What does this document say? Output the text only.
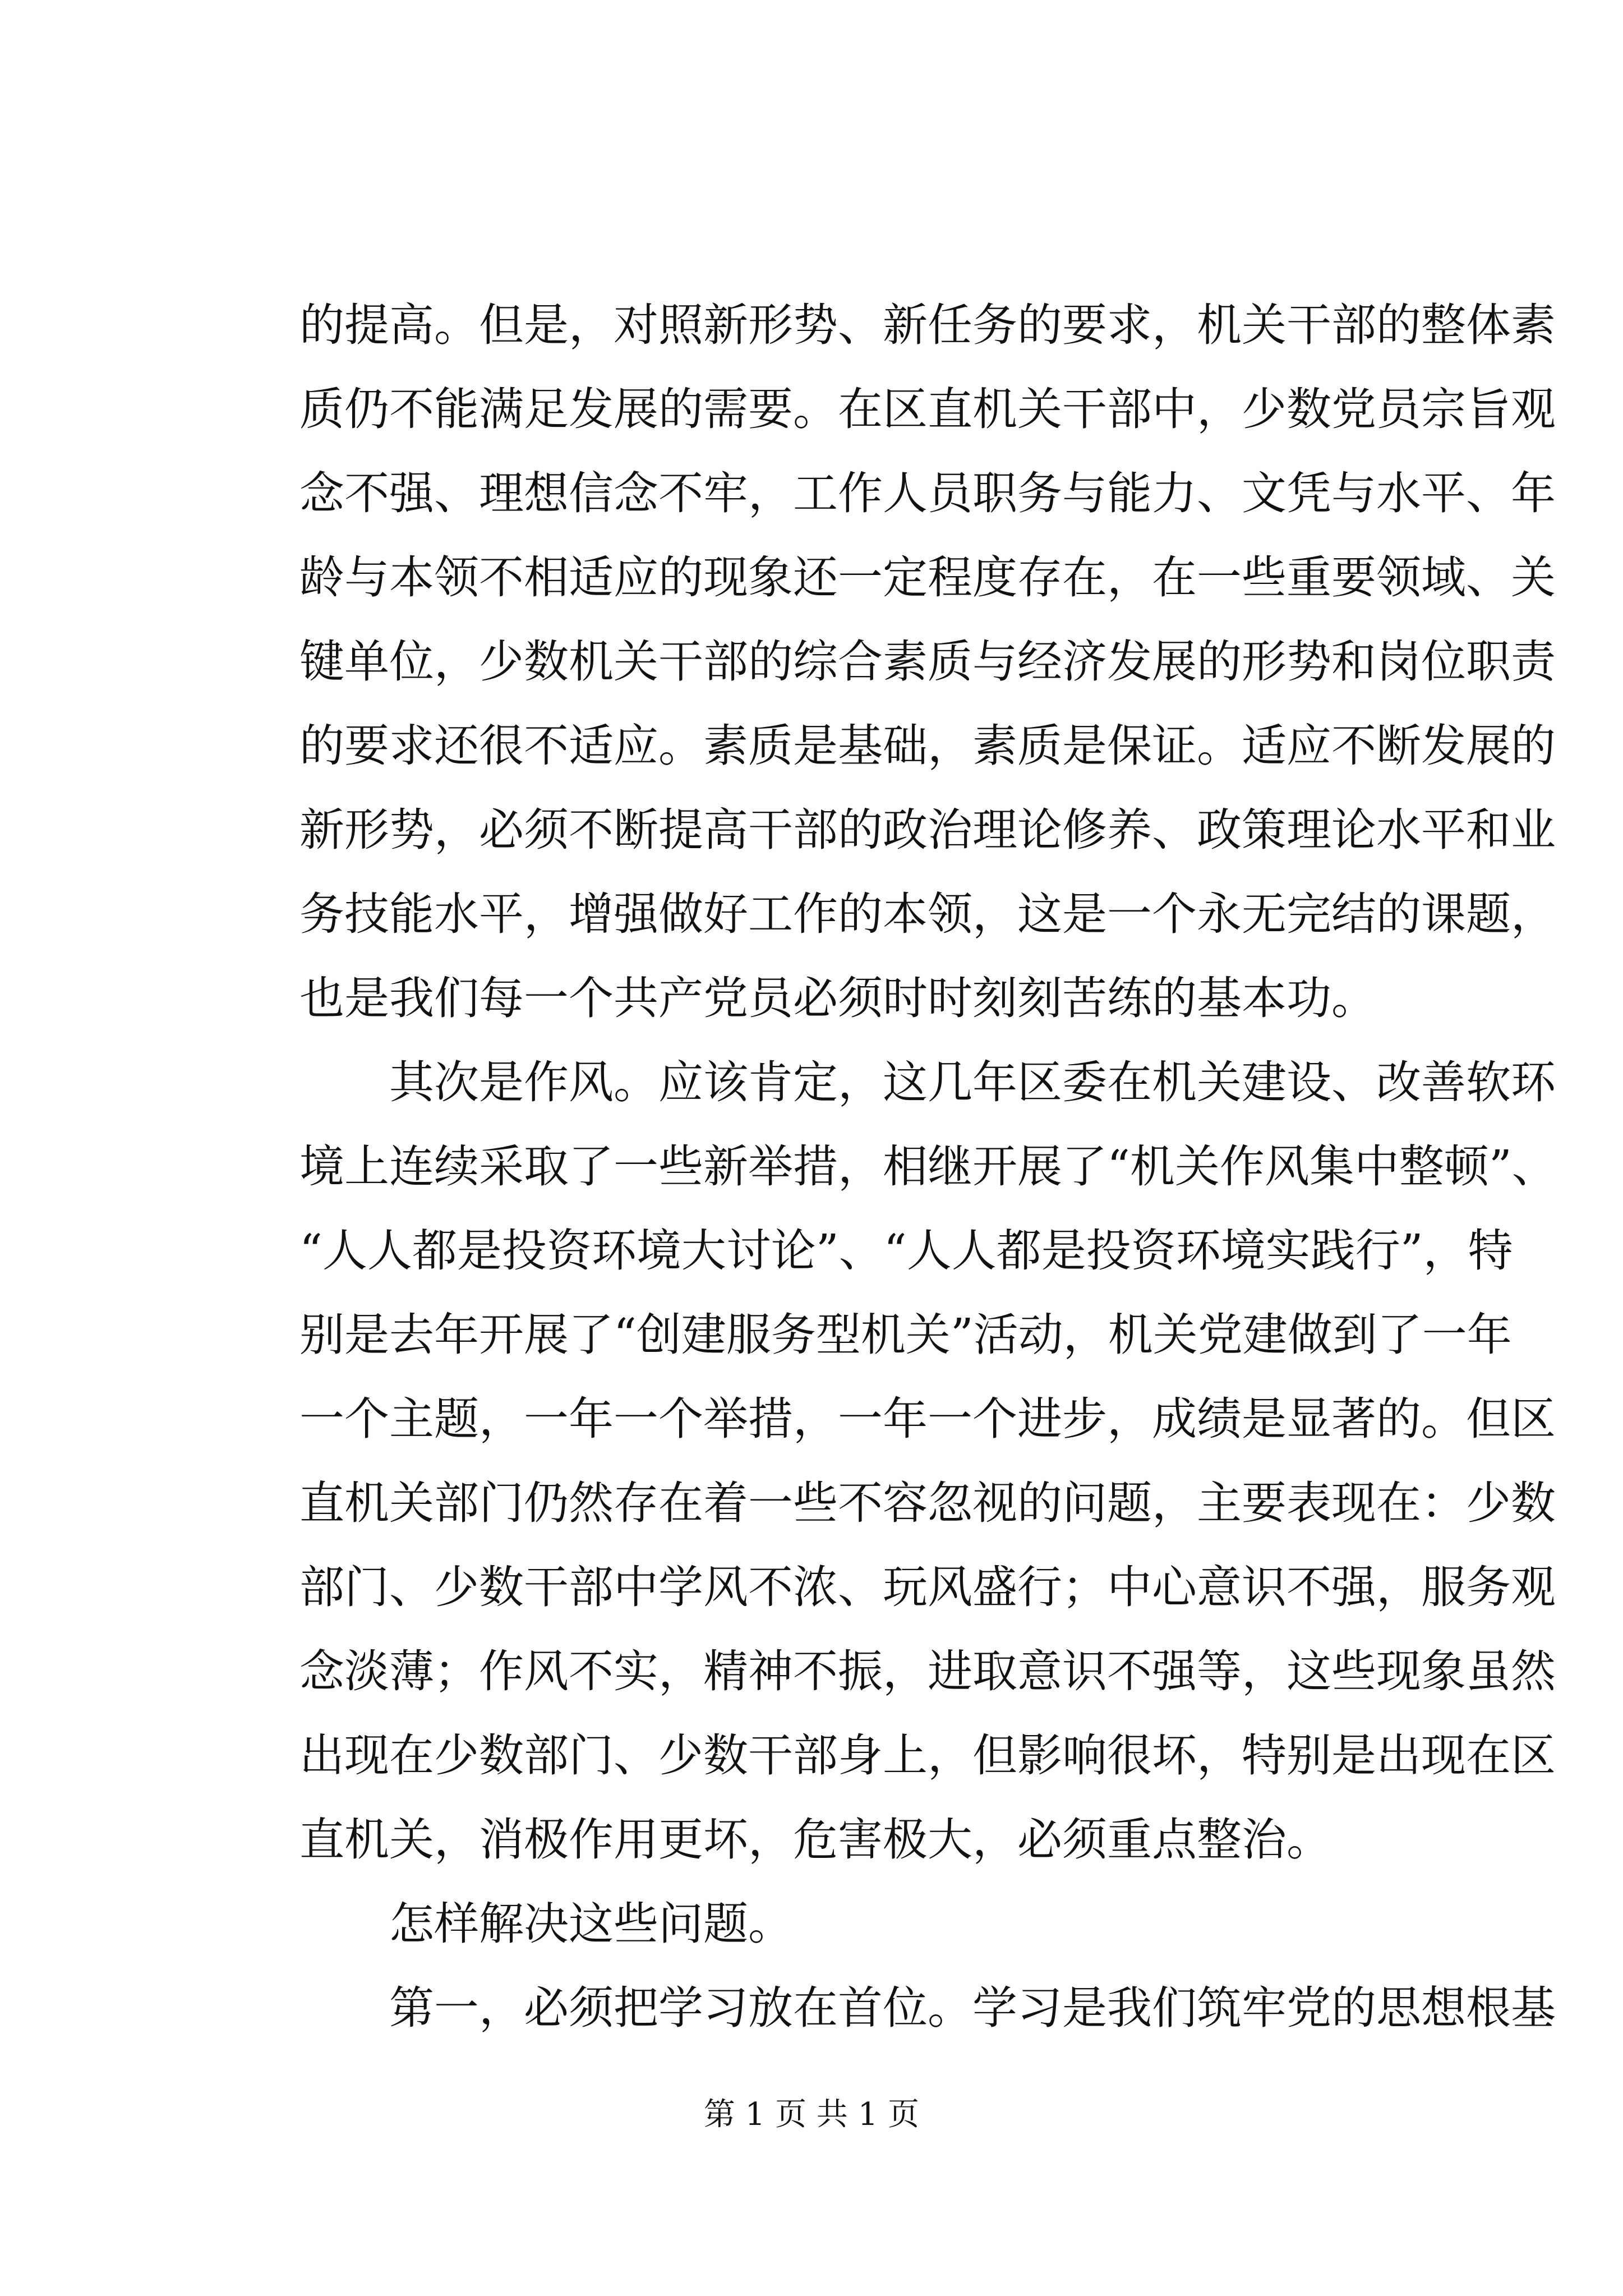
的提高。但是，对照新形势、新任务的要求，机关干部的整体素
质仍不能满足发展的需要。在区直机关干部中，少数党员宗旨观
念不强、理想信念不牢，工作人员职务与能力、文凭与水平、年
龄与本领不相适应的现象还一定程度存在，在一些重要领域、关
键单位，少数机关干部的综合素质与经济发展的形势和岗位职责
的要求还很不适应。素质是基础，素质是保证。适应不断发展的
新形势，必须不断提高干部的政治理论修养、政策理论水平和业
务技能水平，增强做好工作的本领，这是一个永无完结的课题，
也是我们每一个共产党员必须时时刻刻苦练的基本功。
其次是作风。应该肯定，这几年区委在机关建设、改善软环
境上连续采取了一些新举措，相继开展了“机关作风集中整顿”、
“人人都是投资环境大讨论”、“人人都是投资环境实践行”，特
别是去年开展了“创建服务型机关”活动，机关党建做到了一年
一个主题，一年一个举措，一年一个进步，成绩是显著的。但区
直机关部门仍然存在着一些不容忽视的问题，主要表现在：少数
部门、少数干部中学风不浓、玩风盛行；中心意识不强，服务观
念淡薄；作风不实，精神不振，进取意识不强等，这些现象虽然
出现在少数部门、少数干部身上，但影响很坏，特别是出现在区
直机关，消极作用更坏，危害极大，必须重点整治。
怎样解决这些问题。
第一，必须把学习放在首位。学习是我们筑牢党的思想根基
第 1 页 共 1 页
